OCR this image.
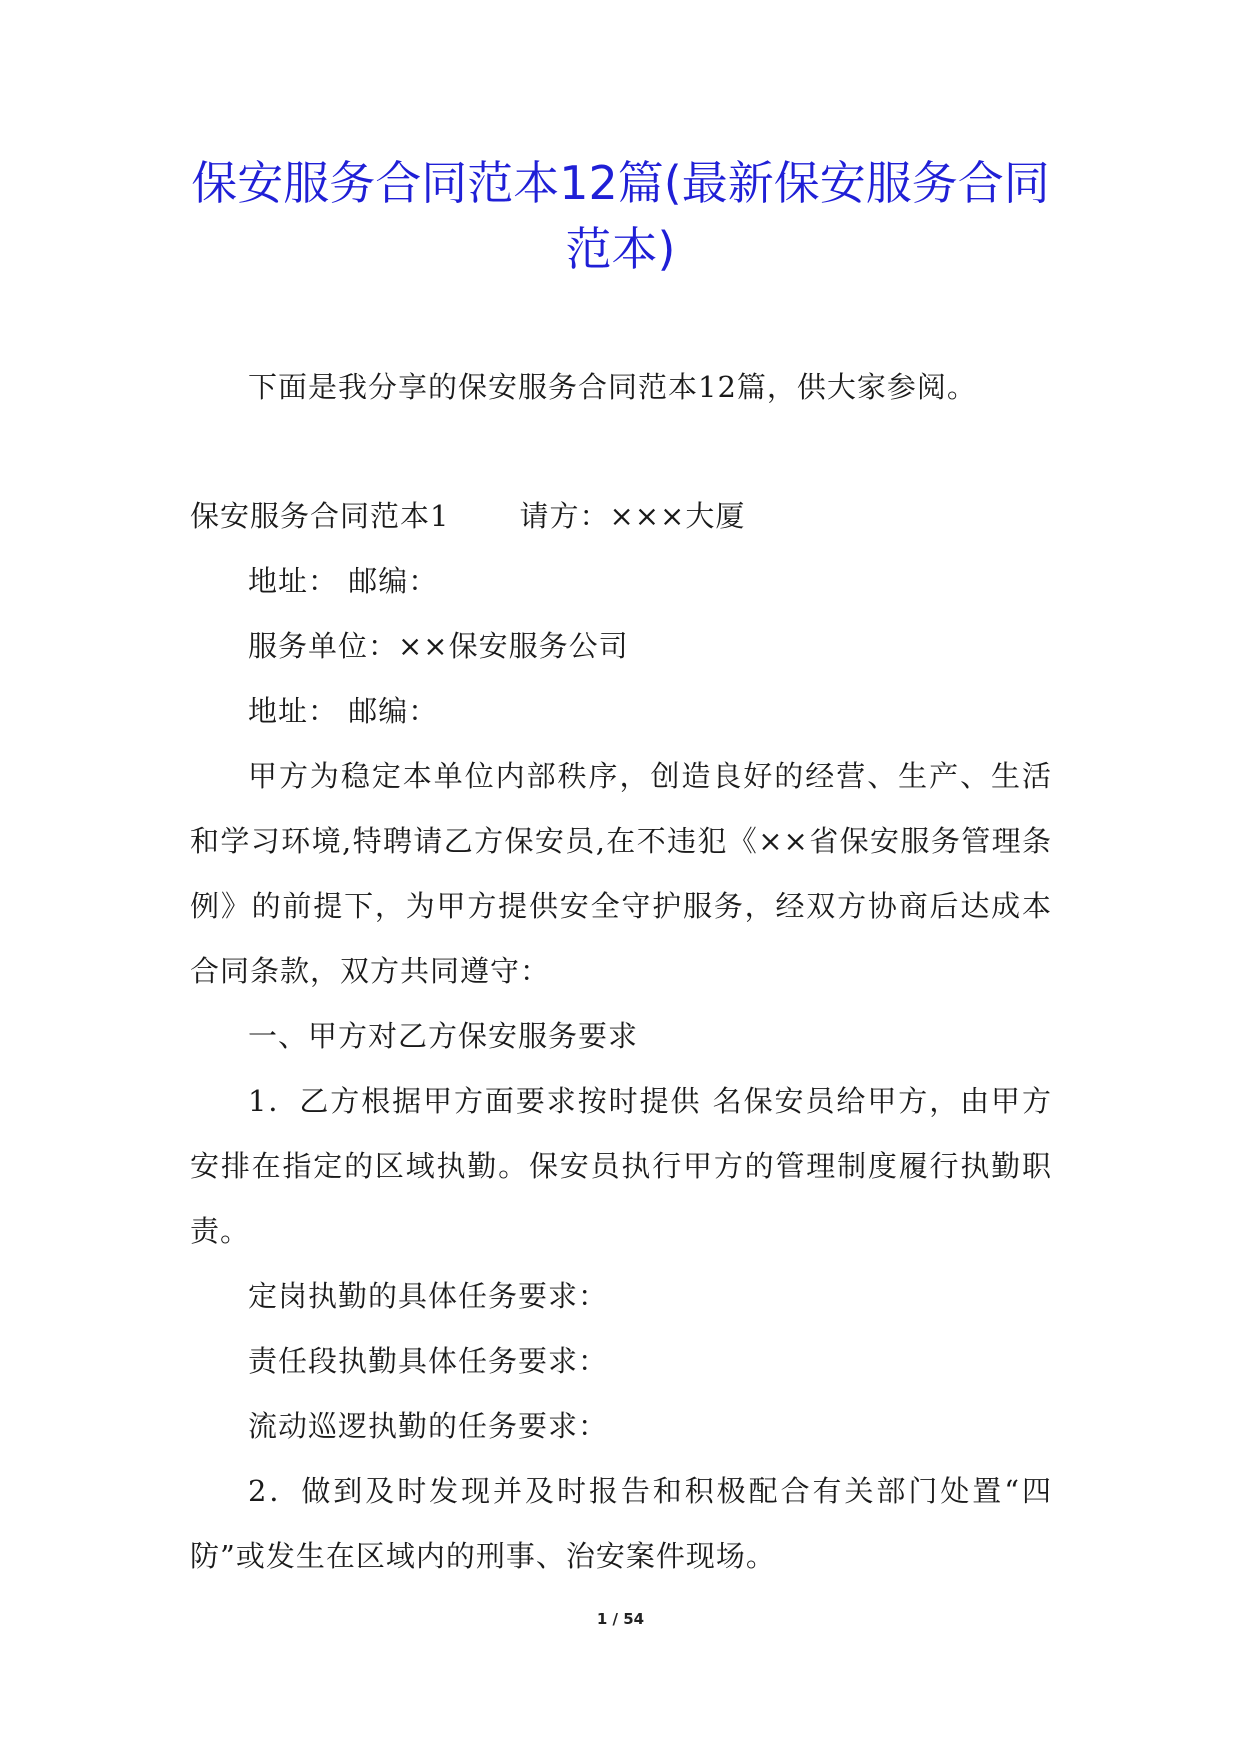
保安服务合同范本12篇(最新保安服务合同范本)

下面是我分享的保安服务合同范本12篇，供大家参阅。

保安服务合同范本1 请方：×××大厦

地址： 邮编：

服务单位：××保安服务公司

地址： 邮编：

甲方为稳定本单位内部秩序，创造良好的经营、生产、生活和学习环境,特聘请乙方保安员,在不违犯《××省保安服务管理条例》的前提下，为甲方提供安全守护服务，经双方协商后达成本合同条款，双方共同遵守：

一、甲方对乙方保安服务要求

1．乙方根据甲方面要求按时提供 名保安员给甲方，由甲方安排在指定的区域执勤。保安员执行甲方的管理制度履行执勤职责。

定岗执勤的具体任务要求：

责任段执勤具体任务要求：

流动巡逻执勤的任务要求：

2．做到及时发现并及时报告和积极配合有关部门处置“四防”或发生在区域内的刑事、治安案件现场。

1 / 54
